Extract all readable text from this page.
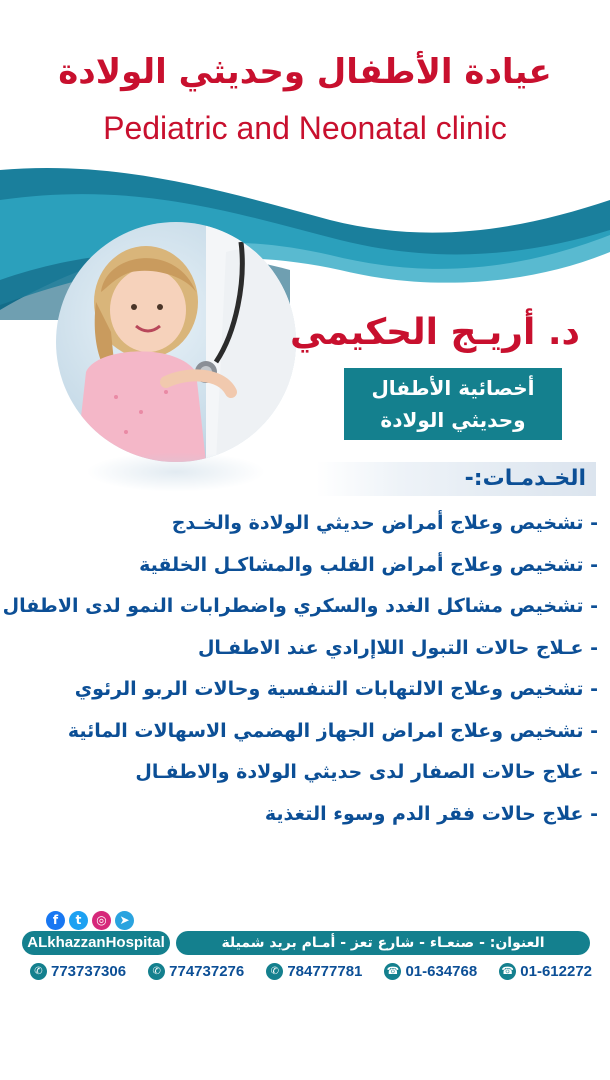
عيادة الأطفال وحديثي الولادة
Pediatric and Neonatal clinic
د. أريـج الحكيمي
أخصائية الأطفال
وحديثي الولادة
الخـدمـات:-
- تشخيص وعلاج أمراض حديثي الولادة والخـدج
- تشخيص وعلاج أمراض القلب والمشاكـل الخلقية
- تشخيص مشاكل الغدد والسكري واضطرابات النمو لدى الاطفال
- عـلاج حالات التبول اللاإرادي عند الاطفـال
- تشخيص وعلاج الالتهابات التنفسية وحالات الربو الرئوي
- تشخيص وعلاج امراض الجهاز الهضمي الاسهالات المائية
- علاج حالات الصفار لدى حديثي الولادة والاطفـال
- علاج حالات فقر الدم وسوء التغذية
f	t	◎	➤
ALkhazzanHospital	العنوان: - صنعـاء - شارع تعز - أمـام بريد شميلة
✆ 773737306	✆ 774737276	✆ 784777781 ☎ 01-634768 ☎ 01-612272
